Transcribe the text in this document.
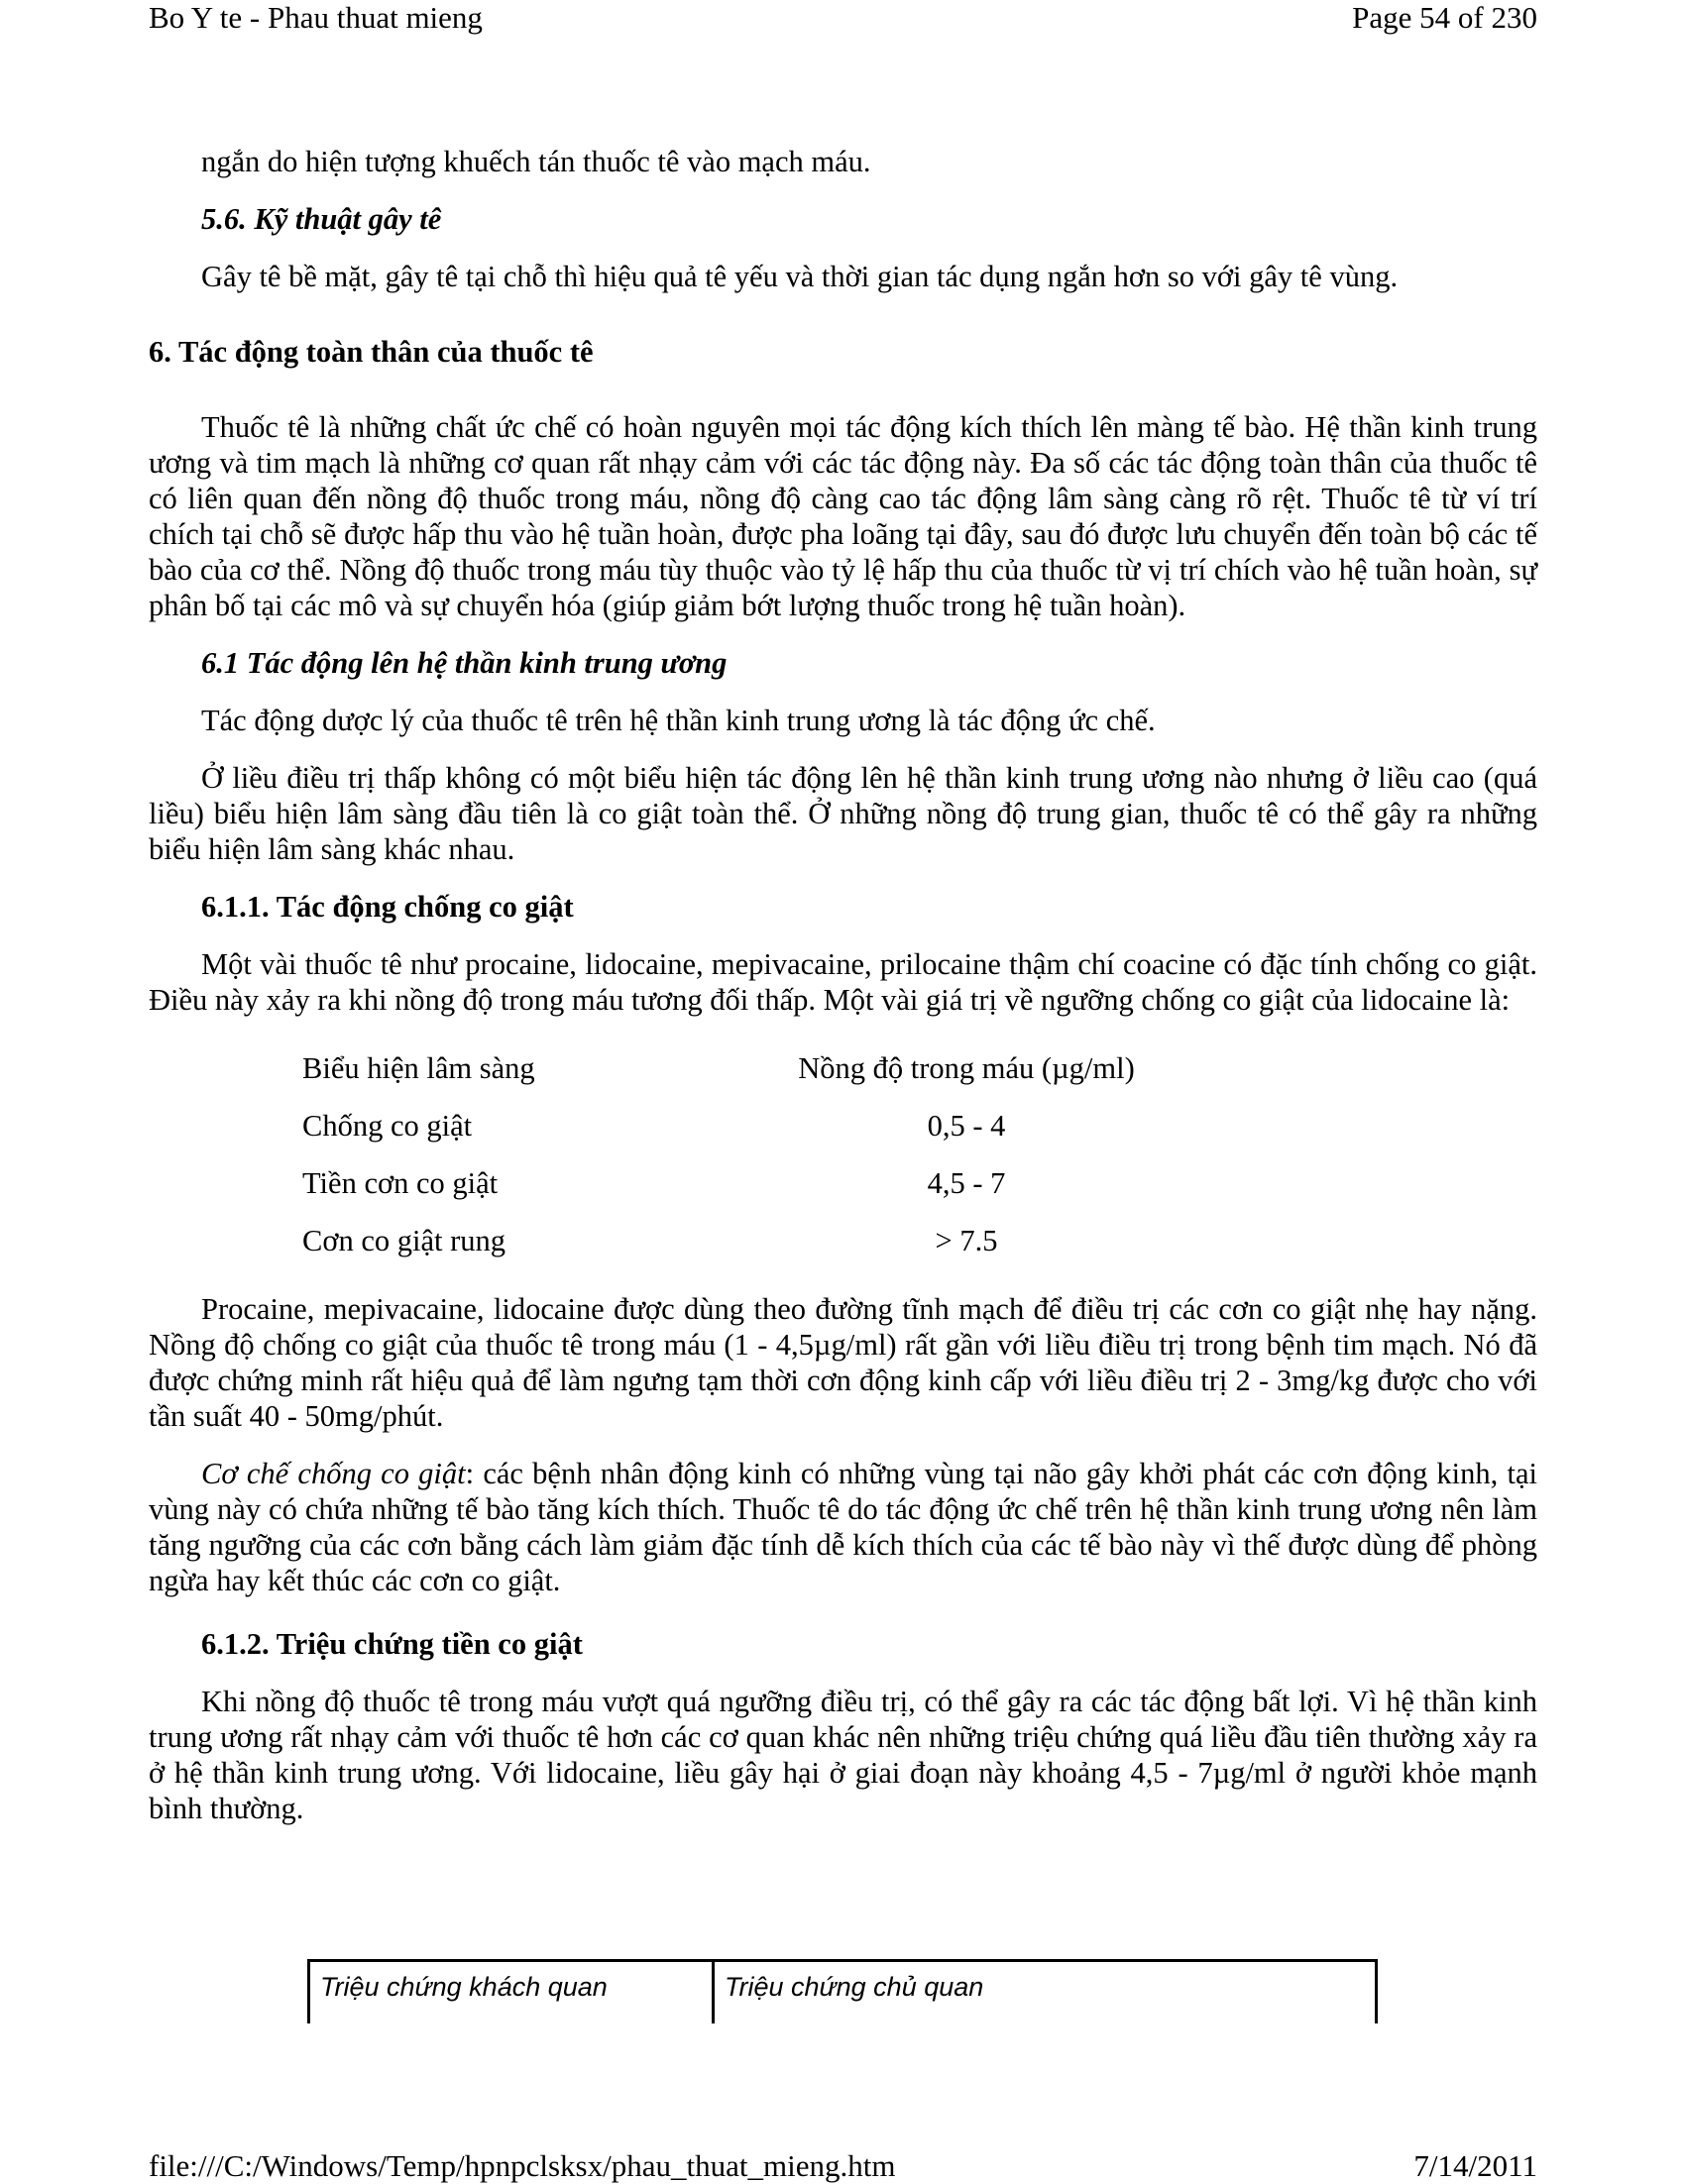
Bo Y te - Phau thuat mieng	Page 54 of 230

ngắn do hiện tượng khuếch tán thuốc tê vào mạch máu.

5.6. Kỹ thuật gây tê

Gây tê bề mặt, gây tê tại chỗ thì hiệu quả tê yếu và thời gian tác dụng ngắn hơn so với gây tê vùng.

6. Tác động toàn thân của thuốc tê

Thuốc tê là những chất ức chế có hoàn nguyên mọi tác động kích thích lên màng tế bào. Hệ thần kinh trung ương và tim mạch là những cơ quan rất nhạy cảm với các tác động này. Đa số các tác động toàn thân của thuốc tê có liên quan đến nồng độ thuốc trong máu, nồng độ càng cao tác động lâm sàng càng rõ rệt. Thuốc tê từ ví trí chích tại chỗ sẽ được hấp thu vào hệ tuần hoàn, được pha loãng tại đây, sau đó được lưu chuyển đến toàn bộ các tế bào của cơ thể. Nồng độ thuốc trong máu tùy thuộc vào tỷ lệ hấp thu của thuốc từ vị trí chích vào hệ tuần hoàn, sự phân bố tại các mô và sự chuyển hóa (giúp giảm bớt lượng thuốc trong hệ tuần hoàn).

6.1 Tác động lên hệ thần kinh trung ương

Tác động dược lý của thuốc tê trên hệ thần kinh trung ương là tác động ức chế.

Ở liều điều trị thấp không có một biểu hiện tác động lên hệ thần kinh trung ương nào nhưng ở liều cao (quá liều) biểu hiện lâm sàng đầu tiên là co giật toàn thể. Ở những nồng độ trung gian, thuốc tê có thể gây ra những biểu hiện lâm sàng khác nhau.

6.1.1. Tác động chống co giật

Một vài thuốc tê như procaine, lidocaine, mepivacaine, prilocaine thậm chí coacine có đặc tính chống co giật. Điều này xảy ra khi nồng độ trong máu tương đối thấp. Một vài giá trị về ngưỡng chống co giật của lidocaine là:

Biểu hiện lâm sàng	Nồng độ trong máu (µg/ml)
Chống co giật	0,5 - 4
Tiền cơn co giật	4,5 - 7
Cơn co giật rung	> 7.5

Procaine, mepivacaine, lidocaine được dùng theo đường tĩnh mạch để điều trị các cơn co giật nhẹ hay nặng. Nồng độ chống co giật của thuốc tê trong máu (1 - 4,5µg/ml) rất gần với liều điều trị trong bệnh tim mạch. Nó đã được chứng minh rất hiệu quả để làm ngưng tạm thời cơn động kinh cấp với liều điều trị 2 - 3mg/kg được cho với tần suất 40 - 50mg/phút.

Cơ chế chống co giật: các bệnh nhân động kinh có những vùng tại não gây khởi phát các cơn động kinh, tại vùng này có chứa những tế bào tăng kích thích. Thuốc tê do tác động ức chế trên hệ thần kinh trung ương nên làm tăng ngưỡng của các cơn bằng cách làm giảm đặc tính dễ kích thích của các tế bào này vì thế được dùng để phòng ngừa hay kết thúc các cơn co giật.

6.1.2. Triệu chứng tiền co giật

Khi nồng độ thuốc tê trong máu vượt quá ngưỡng điều trị, có thể gây ra các tác động bất lợi. Vì hệ thần kinh trung ương rất nhạy cảm với thuốc tê hơn các cơ quan khác nên những triệu chứng quá liều đầu tiên thường xảy ra ở hệ thần kinh trung ương. Với lidocaine, liều gây hại ở giai đoạn này khoảng 4,5 - 7µg/ml ở người khỏe mạnh bình thường.

Triệu chứng khách quan	Triệu chứng chủ quan

file:///C:/Windows/Temp/hpnpclsksx/phau_thuat_mieng.htm	7/14/2011
